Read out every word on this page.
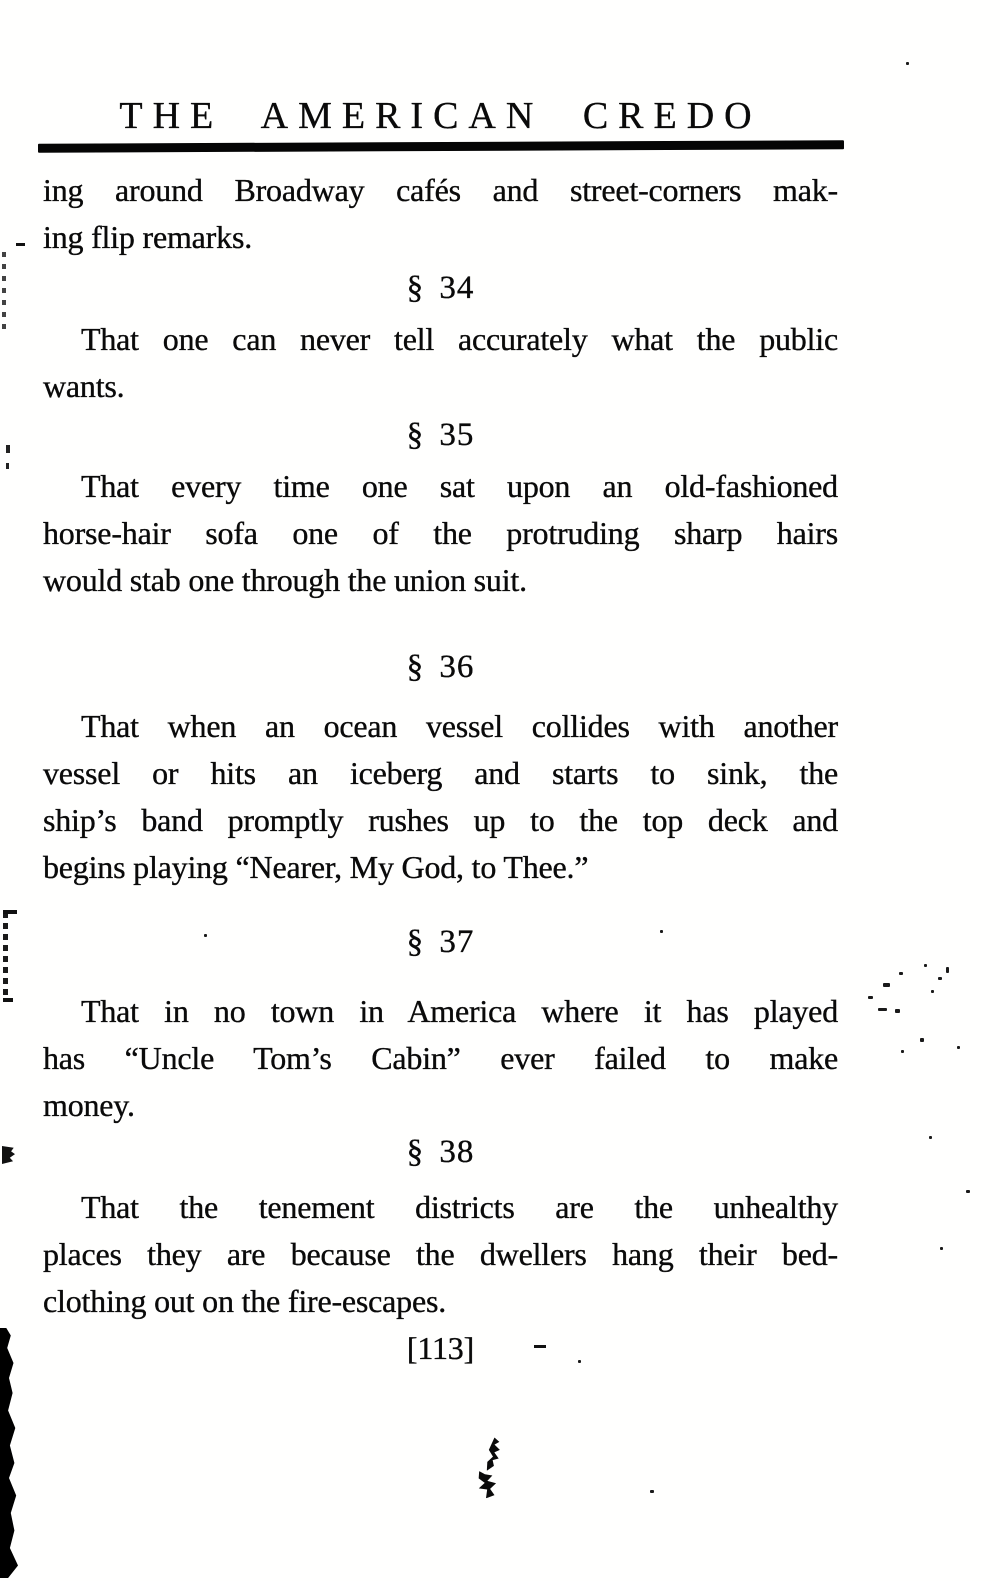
THE AMERICAN CREDO
ing around Broadway cafés and street-corners mak-
ing flip remarks.
§ 34
That one can never tell accurately what the public
wants.
§ 35
That every time one sat upon an old-fashioned
horse-hair sofa one of the protruding sharp hairs
would stab one through the union suit.
§ 36
That when an ocean vessel collides with another
vessel or hits an iceberg and starts to sink, the
ship’s band promptly rushes up to the top deck and
begins playing “Nearer, My God, to Thee.”
§ 37
That in no town in America where it has played
has “Uncle Tom’s Cabin” ever failed to make
money.
§ 38
That the tenement districts are the unhealthy
places they are because the dwellers hang their bed-
clothing out on the fire-escapes.
[113]
